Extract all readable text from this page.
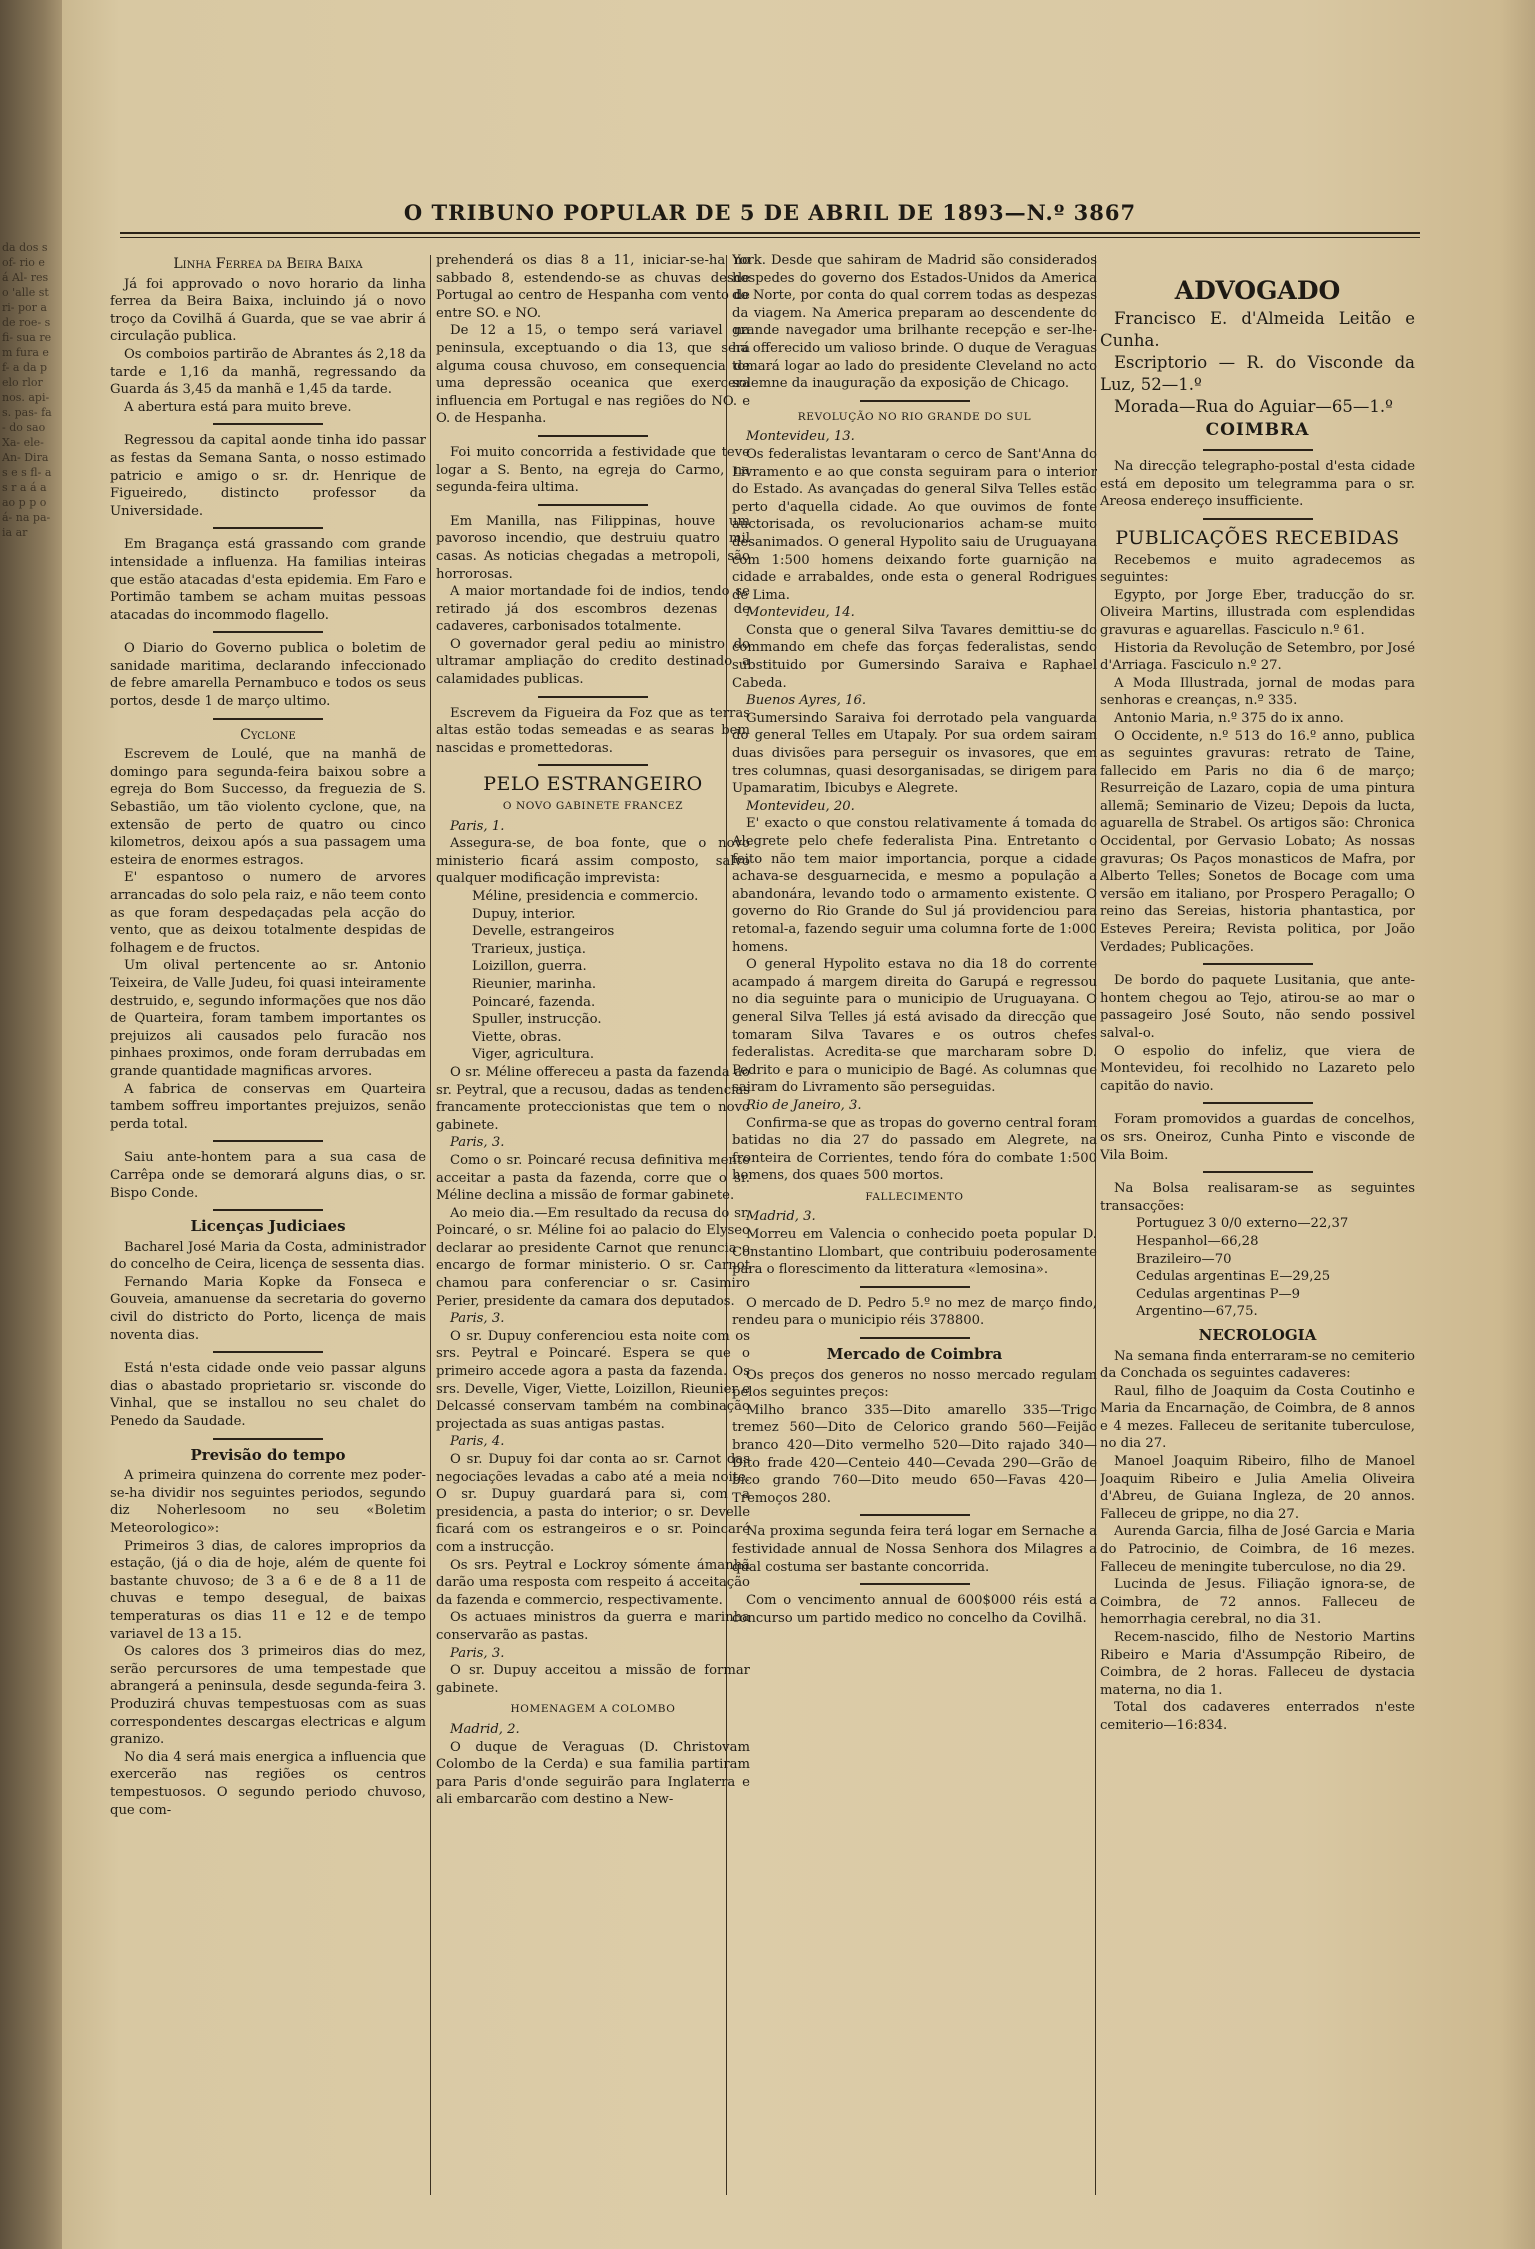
da dos sof- rio e á Al- reso 'alle stri- por a de roe- s fi- sua rem fura ef- a da pelo rlor nos. api- s. pas- fa- do sao Xa- ele- An- Dira s e s fl- as r a á a ao p p o á- na pa- ia ar
O TRIBUNO POPULAR DE 5 DE ABRIL DE 1893—N.º 3867
Linha Ferrea da Beira Baixa

Já foi approvado o novo horario da linha ferrea da Beira Baixa, incluindo já o novo troço da Covilhã á Guarda, que se vae abrir á circulação publica.

Os comboios partirão de Abrantes ás 2,18 da tarde e 1,16 da manhã, regressando da Guarda ás 3,45 da manhã e 1,45 da tarde.

A abertura está para muito breve.

Regressou da capital aonde tinha ido passar as festas da Semana Santa, o nosso estimado patricio e amigo o sr. dr. Henrique de Figueiredo, distincto professor da Universidade.

Em Bragança está grassando com grande intensidade a influenza. Ha familias inteiras que estão atacadas d'esta epidemia. Em Faro e Portimão tambem se acham muitas pessoas atacadas do incommodo flagello.

O Diario do Governo publica o boletim de sanidade maritima, declarando infeccionado de febre amarella Pernambuco e todos os seus portos, desde 1 de março ultimo.

Cyclone

Escrevem de Loulé, que na manhã de domingo para segunda-feira baixou sobre a egreja do Bom Successo, da freguezia de S. Sebastião, um tão violento cyclone, que, na extensão de perto de quatro ou cinco kilometros, deixou após a sua passagem uma esteira de enormes estragos.

E' espantoso o numero de arvores arrancadas do solo pela raiz, e não teem conto as que foram despedaçadas pela acção do vento, que as deixou totalmente despidas de folhagem e de fructos.

Um olival pertencente ao sr. Antonio Teixeira, de Valle Judeu, foi quasi inteiramente destruido, e, segundo informações que nos dão de Quarteira, foram tambem importantes os prejuizos ali causados pelo furacão nos pinhaes proximos, onde foram derrubadas em grande quantidade magnificas arvores.

A fabrica de conservas em Quarteira tambem soffreu importantes prejuizos, senão perda total.

Saiu ante-hontem para a sua casa de Carrêpa onde se demorará alguns dias, o sr. Bispo Conde.

Licenças Judiciaes

Bacharel José Maria da Costa, administrador do concelho de Ceira, licença de sessenta dias.

Fernando Maria Kopke da Fonseca e Gouveia, amanuense da secretaria do governo civil do districto do Porto, licença de mais noventa dias.

Está n'esta cidade onde veio passar alguns dias o abastado proprietario sr. visconde do Vinhal, que se installou no seu chalet do Penedo da Saudade.

Previsão do tempo

A primeira quinzena do corrente mez poder-se-ha dividir nos seguintes periodos, segundo diz Noherlesoom no seu «Boletim Meteorologico»:

Primeiros 3 dias, de calores improprios da estação, (já o dia de hoje, além de quente foi bastante chuvoso; de 3 a 6 e de 8 a 11 de chuvas e tempo desegual, de baixas temperaturas os dias 11 e 12 e de tempo variavel de 13 a 15.

Os calores dos 3 primeiros dias do mez, serão percursores de uma tempestade que abrangerá a peninsula, desde segunda-feira 3. Produzirá chuvas tempestuosas com as suas correspondentes descargas electricas e algum granizo.

No dia 4 será mais energica a influencia que exercerão nas regiões os centros tempestuosos. O segundo periodo chuvoso, que com-

prehenderá os dias 8 a 11, iniciar-se-ha no sabbado 8, estendendo-se as chuvas desde Portugal ao centro de Hespanha com vento de entre SO. e NO.

De 12 a 15, o tempo será variavel na peninsula, exceptuando o dia 13, que será alguma cousa chuvoso, em consequencia de uma depressão oceanica que exercera influencia em Portugal e nas regiões do NO. e O. de Hespanha.

Foi muito concorrida a festividade que teve logar a S. Bento, na egreja do Carmo, na segunda-feira ultima.

Em Manilla, nas Filippinas, houve um pavoroso incendio, que destruiu quatro mil casas. As noticias chegadas a metropoli, são horrorosas.

A maior mortandade foi de indios, tendo se retirado já dos escombros dezenas de cadaveres, carbonisados totalmente.

O governador geral pediu ao ministro do ultramar ampliação do credito destinado a calamidades publicas.

Escrevem da Figueira da Foz que as terras altas estão todas semeadas e as searas bem nascidas e promettedoras.

PELO ESTRANGEIRO
O NOVO GABINETE FRANCEZ

Paris, 1.

Assegura-se, de boa fonte, que o novo ministerio ficará assim composto, salvo qualquer modificação imprevista:

Méline, presidencia e commercio.
Dupuy, interior.
Develle, estrangeiros
Trarieux, justiça.
Loizillon, guerra.
Rieunier, marinha.
Poincaré, fazenda.
Spuller, instrucção.
Viette, obras.
Viger, agricultura.

O sr. Méline offereceu a pasta da fazenda ao sr. Peytral, que a recusou, dadas as tendencias francamente proteccionistas que tem o novo gabinete.

Paris, 3.

Como o sr. Poincaré recusa definitiva mente acceitar a pasta da fazenda, corre que o sr. Méline declina a missão de formar gabinete.

Ao meio dia.—Em resultado da recusa do sr. Poincaré, o sr. Méline foi ao palacio do Elyseo declarar ao presidente Carnot que renuncia o encargo de formar ministerio. O sr. Carnot chamou para conferenciar o sr. Casimiro Perier, presidente da camara dos deputados.

Paris, 3.

O sr. Dupuy conferenciou esta noite com os srs. Peytral e Poincaré. Espera se que o primeiro accede agora a pasta da fazenda. Os srs. Develle, Viger, Viette, Loizillon, Rieunier e Delcassé conservam também na combinação projectada as suas antigas pastas.

Paris, 4.

O sr. Dupuy foi dar conta ao sr. Carnot das negociações levadas a cabo até a meia noite. O sr. Dupuy guardará para si, com a presidencia, a pasta do interior; o sr. Develle ficará com os estrangeiros e o sr. Poincaré com a instrucção.

Os srs. Peytral e Lockroy sómente ámanhã darão uma resposta com respeito á acceitação da fazenda e commercio, respectivamente.

Os actuaes ministros da guerra e marinha conservarão as pastas.

Paris, 3.

O sr. Dupuy acceitou a missão de formar gabinete.

HOMENAGEM A COLOMBO

Madrid, 2.

O duque de Veraguas (D. Christovam Colombo de la Cerda) e sua familia partiram para Paris d'onde seguirão para Inglaterra e ali embarcarão com destino a New-

York. Desde que sahiram de Madrid são considerados hospedes do governo dos Estados-Unidos da America do Norte, por conta do qual correm todas as despezas da viagem. Na America preparam ao descendente do grande navegador uma brilhante recepção e ser-lhe-ha offerecido um valioso brinde. O duque de Veraguas tomará logar ao lado do presidente Cleveland no acto solemne da inauguração da exposição de Chicago.

REVOLUÇÃO NO RIO GRANDE DO SUL

Montevideu, 13.

Os federalistas levantaram o cerco de Sant'Anna do Livramento e ao que consta seguiram para o interior do Estado. As avançadas do general Silva Telles estão perto d'aquella cidade. Ao que ouvimos de fonte auctorisada, os revolucionarios acham-se muito desanimados. O general Hypolito saiu de Uruguayana com 1:500 homens deixando forte guarnição na cidade e arrabaldes, onde esta o general Rodrigues de Lima.

Montevideu, 14.

Consta que o general Silva Tavares demittiu-se do commando em chefe das forças federalistas, sendo substituido por Gumersindo Saraiva e Raphael Cabeda.

Buenos Ayres, 16.

Gumersindo Saraiva foi derrotado pela vanguarda do general Telles em Utapaly. Por sua ordem sairam duas divisões para perseguir os invasores, que em tres columnas, quasi desorganisadas, se dirigem para Upamaratim, Ibicubys e Alegrete.

Montevideu, 20.

E' exacto o que constou relativamente á tomada do Alegrete pelo chefe federalista Pina. Entretanto o feito não tem maior importancia, porque a cidade achava-se desguarnecida, e mesmo a população a abandonára, levando todo o armamento existente. O governo do Rio Grande do Sul já providenciou para retomal-a, fazendo seguir uma columna forte de 1:000 homens.

O general Hypolito estava no dia 18 do corrente acampado á margem direita do Garupá e regressou no dia seguinte para o municipio de Uruguayana. O general Silva Telles já está avisado da direcção que tomaram Silva Tavares e os outros chefes federalistas. Acredita-se que marcharam sobre D. Pedrito e para o municipio de Bagé. As columnas que sairam do Livramento são perseguidas.

Rio de Janeiro, 3.

Confirma-se que as tropas do governo central foram batidas no dia 27 do passado em Alegrete, na fronteira de Corrientes, tendo fóra do combate 1:500 homens, dos quaes 500 mortos.

FALLECIMENTO

Madrid, 3.

Morreu em Valencia o conhecido poeta popular D. Constantino Llombart, que contribuiu poderosamente para o florescimento da litteratura «lemosina».

O mercado de D. Pedro 5.º no mez de março findo, rendeu para o municipio réis 378800.

Mercado de Coimbra

Os preços dos generos no nosso mercado regulam pelos seguintes preços:

Milho branco 335—Dito amarello 335—Trigo tremez 560—Dito de Celorico grando 560—Feijão branco 420—Dito vermelho 520—Dito rajado 340—Dito frade 420—Centeio 440—Cevada 290—Grão de bico grando 760—Dito meudo 650—Favas 420—Tremoços 280.

Na proxima segunda feira terá logar em Sernache a festividade annual de Nossa Senhora dos Milagres a qual costuma ser bastante concorrida.

Com o vencimento annual de 600$000 réis está a concurso um partido medico no concelho da Covilhã.

ADVOGADO

Francisco E. d'Almeida Leitão e Cunha.

Escriptorio — R. do Visconde da Luz, 52—1.º

Morada—Rua do Aguiar—65—1.º

COIMBRA

Na direcção telegrapho-postal d'esta cidade está em deposito um telegramma para o sr. Areosa endereço insufficiente.

PUBLICAÇÕES RECEBIDAS

Recebemos e muito agradecemos as seguintes:

Egypto, por Jorge Eber, traducção do sr. Oliveira Martins, illustrada com esplendidas gravuras e aguarellas. Fasciculo n.º 61.

Historia da Revolução de Setembro, por José d'Arriaga. Fasciculo n.º 27.

A Moda Illustrada, jornal de modas para senhoras e creanças, n.º 335.

Antonio Maria, n.º 375 do ix anno.

O Occidente, n.º 513 do 16.º anno, publica as seguintes gravuras: retrato de Taine, fallecido em Paris no dia 6 de março; Resurreição de Lazaro, copia de uma pintura allemã; Seminario de Vizeu; Depois da lucta, aguarella de Strabel. Os artigos são: Chronica Occidental, por Gervasio Lobato; As nossas gravuras; Os Paços monasticos de Mafra, por Alberto Telles; Sonetos de Bocage com uma versão em italiano, por Prospero Peragallo; O reino das Sereias, historia phantastica, por Esteves Pereira; Revista politica, por João Verdades; Publicações.

De bordo do paquete Lusitania, que ante-hontem chegou ao Tejo, atirou-se ao mar o passageiro José Souto, não sendo possivel salval-o.

O espolio do infeliz, que viera de Montevideu, foi recolhido no Lazareto pelo capitão do navio.

Foram promovidos a guardas de concelhos, os srs. Oneiroz, Cunha Pinto e visconde de Vila Boim.

Na Bolsa realisaram-se as seguintes transacções:

Portuguez 3 0/0 externo—22,37
Hespanhol—66,28
Brazileiro—70
Cedulas argentinas E—29,25
Cedulas argentinas P—9
Argentino—67,75.
NECROLOGIA

Na semana finda enterraram-se no cemiterio da Conchada os seguintes cadaveres:

Raul, filho de Joaquim da Costa Coutinho e Maria da Encarnação, de Coimbra, de 8 annos e 4 mezes. Falleceu de seritanite tuberculose, no dia 27.

Manoel Joaquim Ribeiro, filho de Manoel Joaquim Ribeiro e Julia Amelia Oliveira d'Abreu, de Guiana Ingleza, de 20 annos. Falleceu de grippe, no dia 27.

Aurenda Garcia, filha de José Garcia e Maria do Patrocinio, de Coimbra, de 16 mezes. Falleceu de meningite tuberculose, no dia 29.

Lucinda de Jesus. Filiação ignora-se, de Coimbra, de 72 annos. Falleceu de hemorrhagia cerebral, no dia 31.

Recem-nascido, filho de Nestorio Martins Ribeiro e Maria d'Assumpção Ribeiro, de Coimbra, de 2 horas. Falleceu de dystacia materna, no dia 1.

Total dos cadaveres enterrados n'este cemiterio—16:834.
